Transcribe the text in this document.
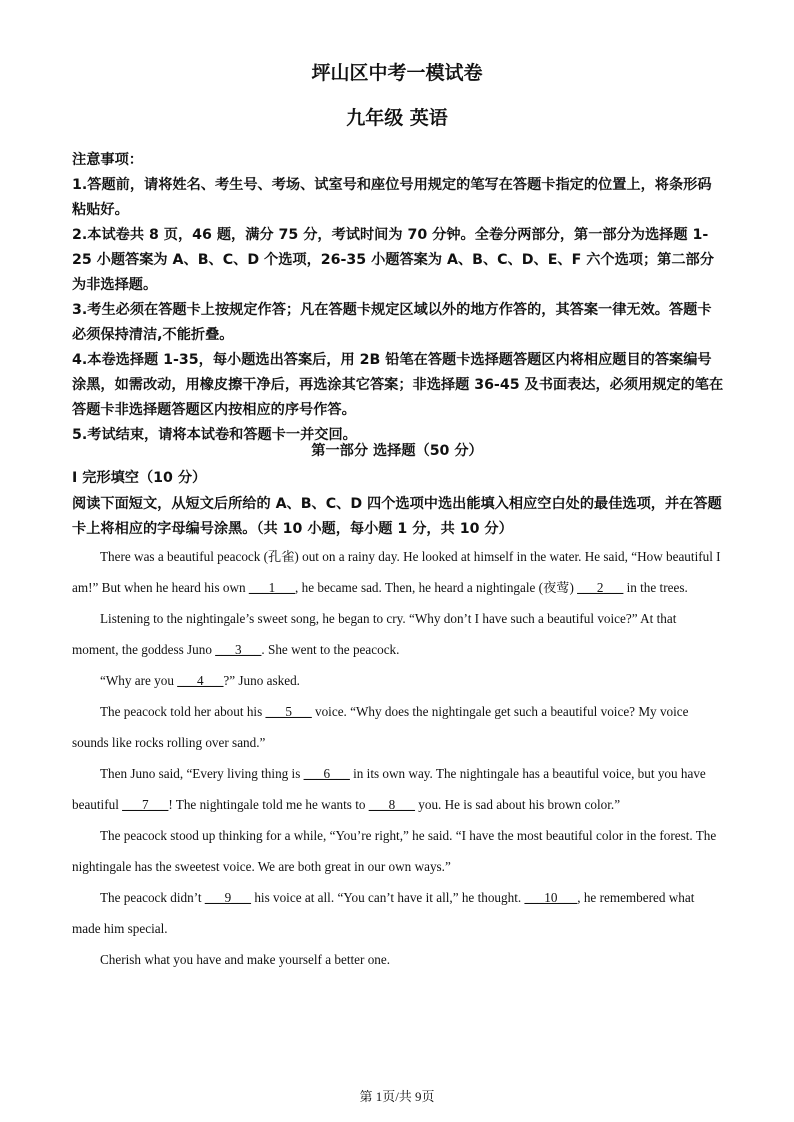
坪山区中考一模试卷
九年级 英语

注意事项：

1.答题前，请将姓名、考生号、考场、试室号和座位号用规定的笔写在答题卡指定的位置上，将条形码粘贴好。

2.本试卷共 8 页，46 题，满分 75 分，考试时间为 70 分钟。全卷分两部分，第一部分为选择题 1-25 小题答案为 A、B、C、D 个选项，26-35 小题答案为 A、B、C、D、E、F 六个选项；第二部分为非选择题。

3.考生必须在答题卡上按规定作答；凡在答题卡规定区域以外的地方作答的，其答案一律无效。答题卡必须保持清洁,不能折叠。

4.本卷选择题 1-35，每小题选出答案后，用 2B 铅笔在答题卡选择题答题区内将相应题目的答案编号涂黑，如需改动，用橡皮擦干净后，再选涂其它答案；非选择题 36-45 及书面表达，必须用规定的笔在答题卡非选择题答题区内按相应的序号作答。

5.考试结束，请将本试卷和答题卡一并交回。

第一部分 选择题（50 分）
I 完形填空（10 分）

阅读下面短文，从短文后所给的 A、B、C、D 四个选项中选出能填入相应空白处的最佳选项，并在答题卡上将相应的字母编号涂黑。（共 10 小题，每小题 1 分，共 10 分）

There was a beautiful peacock (孔雀) out on a rainy day. He looked at himself in the water. He said, “How beautiful I am!” But when he heard his own ___1___, he became sad. Then, he heard a nightingale (夜莺) ___2___ in the trees.

Listening to the nightingale’s sweet song, he began to cry. “Why don’t I have such a beautiful voice?” At that moment, the goddess Juno ___3___. She went to the peacock.

“Why are you ___4___?” Juno asked.

The peacock told her about his ___5___ voice. “Why does the nightingale get such a beautiful voice? My voice sounds like rocks rolling over sand.”

Then Juno said, “Every living thing is ___6___ in its own way. The nightingale has a beautiful voice, but you have beautiful ___7___! The nightingale told me he wants to ___8___ you. He is sad about his brown color.”

The peacock stood up thinking for a while, “You’re right,” he said. “I have the most beautiful color in the forest. The nightingale has the sweetest voice. We are both great in our own ways.”

The peacock didn’t ___9___ his voice at all. “You can’t have it all,” he thought. ___10___, he remembered what made him special.

Cherish what you have and make yourself a better one.

第 1页/共 9页
